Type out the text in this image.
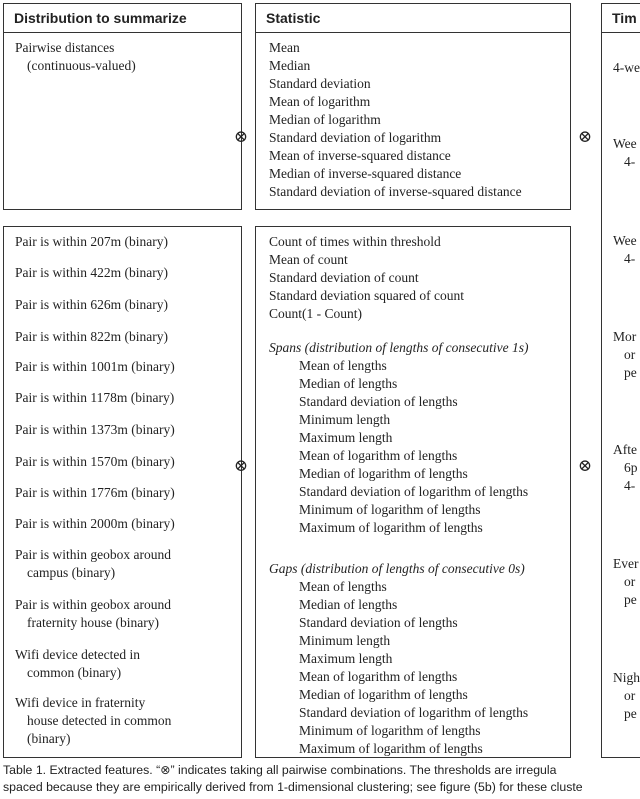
Distribution to summarize
Pairwise distances
(continuous-valued)
Statistic
Mean
Median
Standard deviation
Mean of logarithm
Median of logarithm
Standard deviation of logarithm
Mean of inverse-squared distance
Median of inverse-squared distance
Standard deviation of inverse-squared distance
Tim
4-we
Wee
4-
Wee
4-
Mor
or
pe
Afte
6p
4-
Ever
or
pe
Nigh
or
pe
Pair is within 207m (binary)
Pair is within 422m (binary)
Pair is within 626m (binary)
Pair is within 822m (binary)
Pair is within 1001m (binary)
Pair is within 1178m (binary)
Pair is within 1373m (binary)
Pair is within 1570m (binary)
Pair is within 1776m (binary)
Pair is within 2000m (binary)
Pair is within geobox around
campus (binary)
Pair is within geobox around
fraternity house (binary)
Wifi device detected in
common (binary)
Wifi device in fraternity
house detected in common
(binary)
Count of times within threshold
Mean of count
Standard deviation of count
Standard deviation squared of count
Count(1 - Count)
Spans (distribution of lengths of consecutive 1s)
Mean of lengths
Median of lengths
Standard deviation of lengths
Minimum length
Maximum length
Mean of logarithm of lengths
Median of logarithm of lengths
Standard deviation of logarithm of lengths
Minimum of logarithm of lengths
Maximum of logarithm of lengths
Gaps (distribution of lengths of consecutive 0s)
Mean of lengths
Median of lengths
Standard deviation of lengths
Minimum length
Maximum length
Mean of logarithm of lengths
Median of logarithm of lengths
Standard deviation of logarithm of lengths
Minimum of logarithm of lengths
Maximum of logarithm of lengths
⊗	⊗
⊗	⊗
Table 1. Extracted features. “⊗” indicates taking all pairwise combinations. The thresholds are irregula
spaced because they are empirically derived from 1-dimensional clustering; see figure (5b) for these cluste
